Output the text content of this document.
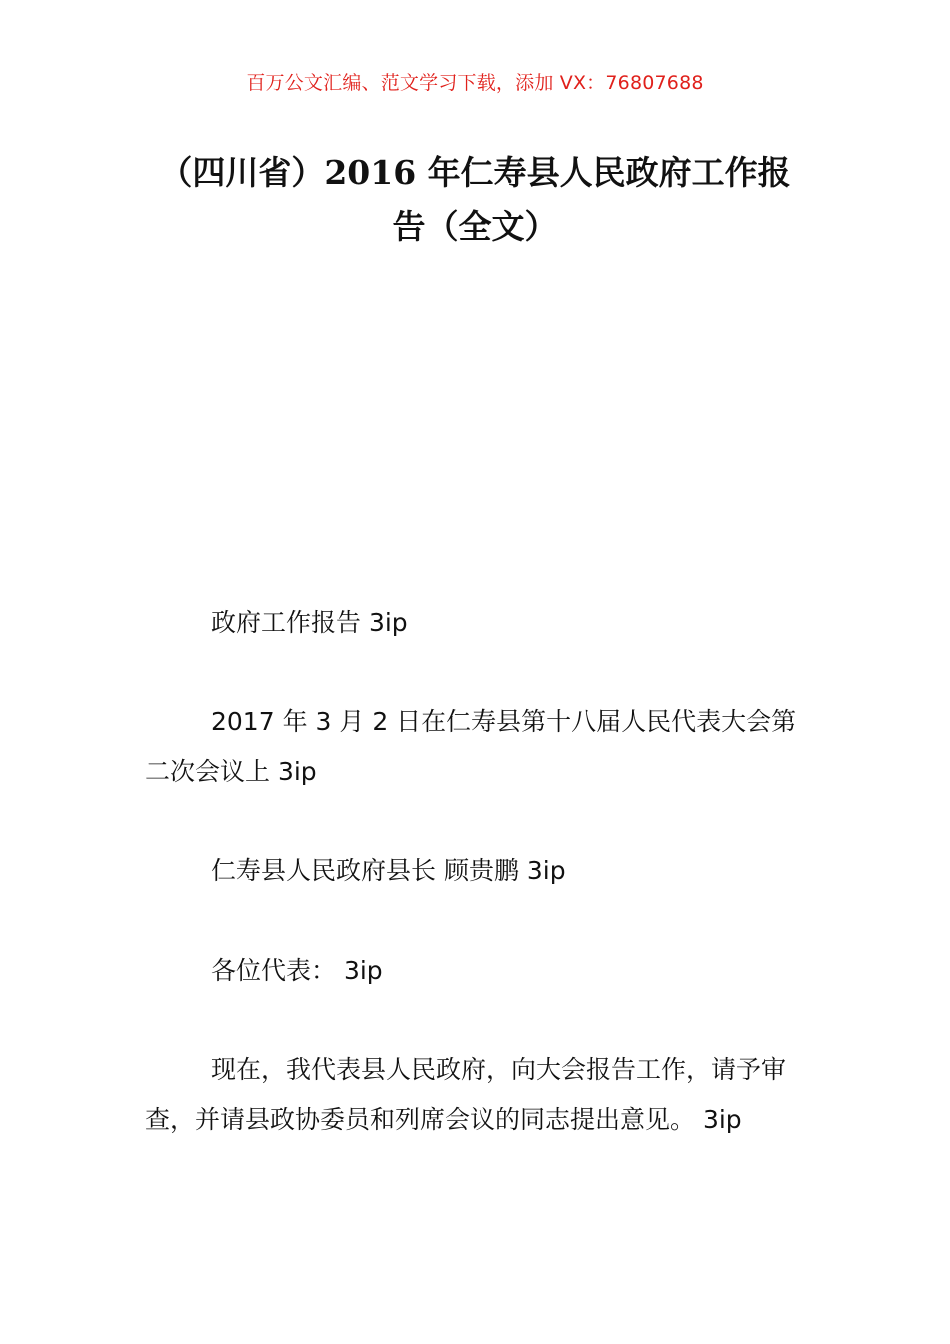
百万公文汇编、范文学习下载，添加 VX：76807688
（四川省）2016 年仁寿县人民政府工作报
告（全文）

政府工作报告 3ip

2017 年 3 月 2 日在仁寿县第十八届人民代表大会第二次会议上 3ip

仁寿县人民政府县长 顾贵鹏 3ip

各位代表： 3ip

现在，我代表县人民政府，向大会报告工作，请予审查，并请县政协委员和列席会议的同志提出意见。 3ip
